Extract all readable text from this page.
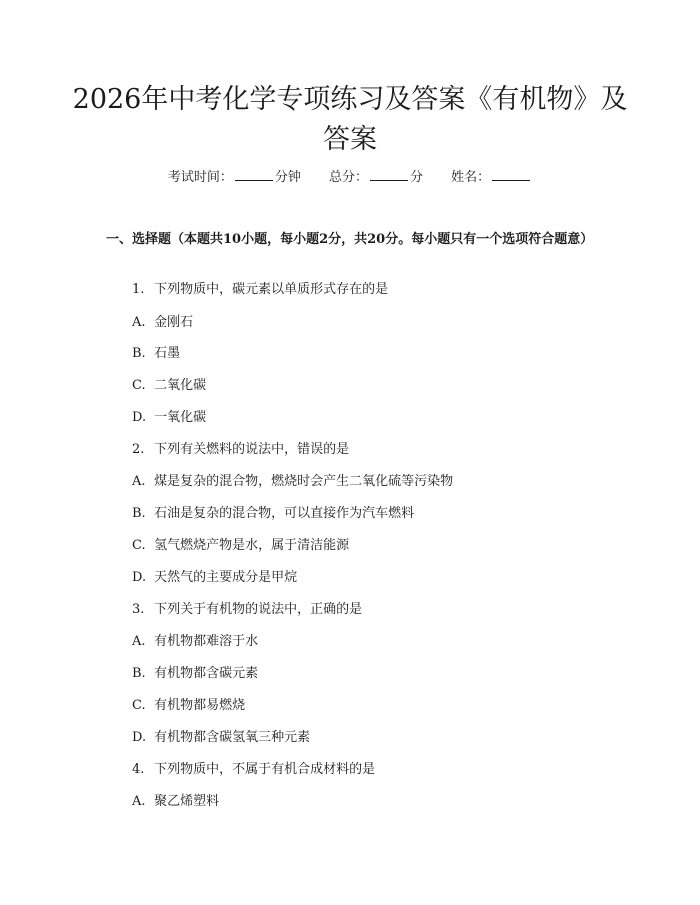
2026年中考化学专项练习及答案《有机物》及答案
考试时间：	分钟 总分：	分 姓名：

一、选择题（本题共10小题，每小题2分，共20分。每小题只有一个选项符合题意）

1. 下列物质中，碳元素以单质形式存在的是
A. 金刚石
B. 石墨
C. 二氧化碳
D. 一氧化碳
2. 下列有关燃料的说法中，错误的是
A. 煤是复杂的混合物，燃烧时会产生二氧化硫等污染物
B. 石油是复杂的混合物，可以直接作为汽车燃料
C. 氢气燃烧产物是水，属于清洁能源
D. 天然气的主要成分是甲烷
3. 下列关于有机物的说法中，正确的是
A. 有机物都难溶于水
B. 有机物都含碳元素
C. 有机物都易燃烧
D. 有机物都含碳氢氧三种元素
4. 下列物质中，不属于有机合成材料的是
A. 聚乙烯塑料
